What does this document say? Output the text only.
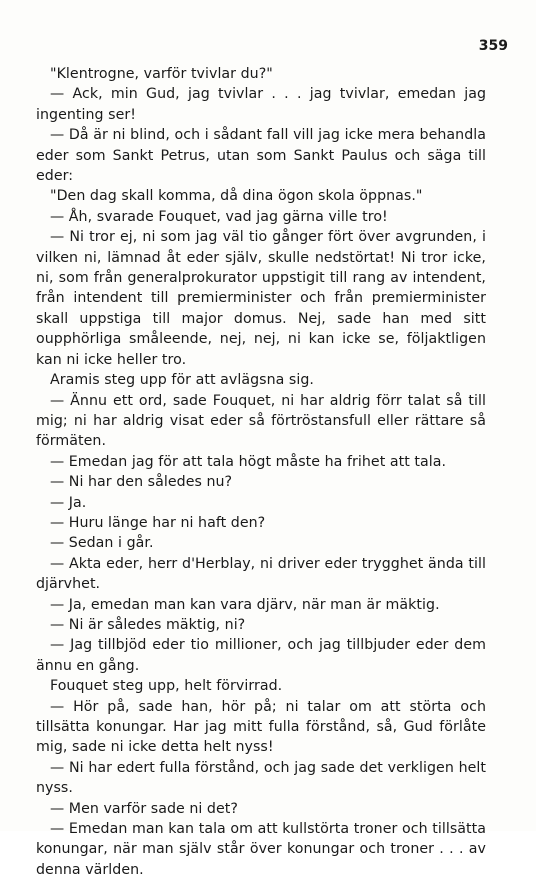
359

"Klentrogne, varför tvivlar du?"

— Ack, min Gud, jag tvivlar . . . jag tvivlar, emedan jag ingenting ser!

— Då är ni blind, och i sådant fall vill jag icke mera behandla eder som Sankt Petrus, utan som Sankt Paulus och säga till eder:

"Den dag skall komma, då dina ögon skola öppnas."

— Åh, svarade Fouquet, vad jag gärna ville tro!

— Ni tror ej, ni som jag väl tio gånger fört över avgrunden, i vilken ni, lämnad åt eder själv, skulle nedstörtat! Ni tror icke, ni, som från generalprokurator uppstigit till rang av intendent, från intendent till premierminister och från premierminister skall uppstiga till major domus. Nej, sade han med sitt oupphörliga småleende, nej, nej, ni kan icke se, följaktligen kan ni icke heller tro.

Aramis steg upp för att avlägsna sig.

— Ännu ett ord, sade Fouquet, ni har aldrig förr talat så till mig; ni har aldrig visat eder så förtröstansfull eller rättare så förmäten.

— Emedan jag för att tala högt måste ha frihet att tala.

— Ni har den således nu?

— Ja.

— Huru länge har ni haft den?

— Sedan i går.

— Akta eder, herr d'Herblay, ni driver eder trygghet ända till djärvhet.

— Ja, emedan man kan vara djärv, när man är mäktig.

— Ni är således mäktig, ni?

— Jag tillbjöd eder tio millioner, och jag tillbjuder eder dem ännu en gång.

Fouquet steg upp, helt förvirrad.

— Hör på, sade han, hör på; ni talar om att störta och tillsätta konungar. Har jag mitt fulla förstånd, så, Gud förlåte mig, sade ni icke detta helt nyss!

— Ni har edert fulla förstånd, och jag sade det verkligen helt nyss.

— Men varför sade ni det?

— Emedan man kan tala om att kullstörta troner och tillsätta konungar, när man själv står över konungar och troner . . . av denna världen.
